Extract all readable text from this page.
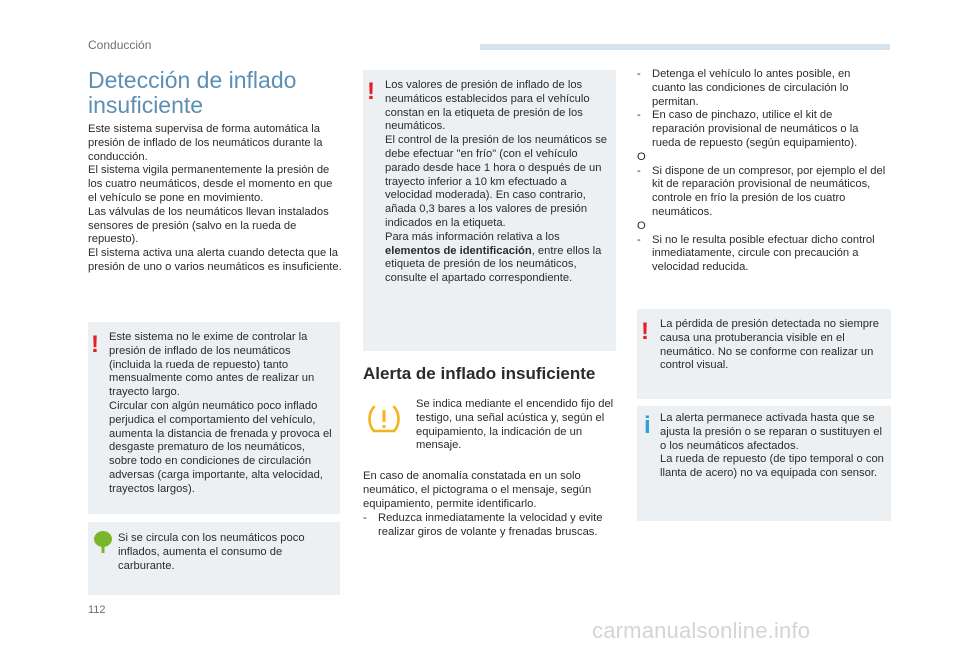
Conducción
Detección de inflado insuficiente

Este sistema supervisa de forma automática la presión de inflado de los neumáticos durante la conducción.
El sistema vigila permanentemente la presión de los cuatro neumáticos, desde el momento en que el vehículo se pone en movimiento.
Las válvulas de los neumáticos llevan instalados sensores de presión (salvo en la rueda de repuesto).
El sistema activa una alerta cuando detecta que la presión de uno o varios neumáticos es insuficiente.

! Este sistema no le exime de controlar la presión de inflado de los neumáticos (incluida la rueda de repuesto) tanto mensualmente como antes de realizar un trayecto largo.
Circular con algún neumático poco inflado perjudica el comportamiento del vehículo, aumenta la distancia de frenada y provoca el desgaste prematuro de los neumáticos, sobre todo en condiciones de circulación adversas (carga importante, alta velocidad, trayectos largos).

Si se circula con los neumáticos poco inflados, aumenta el consumo de carburante.

! Los valores de presión de inflado de los neumáticos establecidos para el vehículo constan en la etiqueta de presión de los neumáticos.
El control de la presión de los neumáticos se debe efectuar "en frío" (con el vehículo parado desde hace 1 hora o después de un trayecto inferior a 10 km efectuado a velocidad moderada). En caso contrario, añada 0,3 bares a los valores de presión indicados en la etiqueta.
Para más información relativa a los elementos de identificación, entre ellos la etiqueta de presión de los neumáticos, consulte el apartado correspondiente.

Alerta de inflado insuficiente

Se indica mediante el encendido fijo del testigo, una señal acústica y, según el equipamiento, la indicación de un mensaje.

En caso de anomalía constatada en un solo neumático, el pictograma o el mensaje, según equipamiento, permite identificarlo.

-	Reduzca inmediatamente la velocidad y evite realizar giros de volante y frenadas bruscas.
-	Detenga el vehículo lo antes posible, en cuanto las condiciones de circulación lo permitan.
-	En caso de pinchazo, utilice el kit de reparación provisional de neumáticos o la rueda de repuesto (según equipamiento).
O
-	Si dispone de un compresor, por ejemplo el del kit de reparación provisional de neumáticos, controle en frío la presión de los cuatro neumáticos.
O
-	Si no le resulta posible efectuar dicho control inmediatamente, circule con precaución a velocidad reducida.
! La pérdida de presión detectada no siempre causa una protuberancia visible en el neumático. No se conforme con realizar un control visual.

i La alerta permanece activada hasta que se ajusta la presión o se reparan o sustituyen el o los neumáticos afectados.
La rueda de repuesto (de tipo temporal o con llanta de acero) no va equipada con sensor.

112
carmanualsonline.info
